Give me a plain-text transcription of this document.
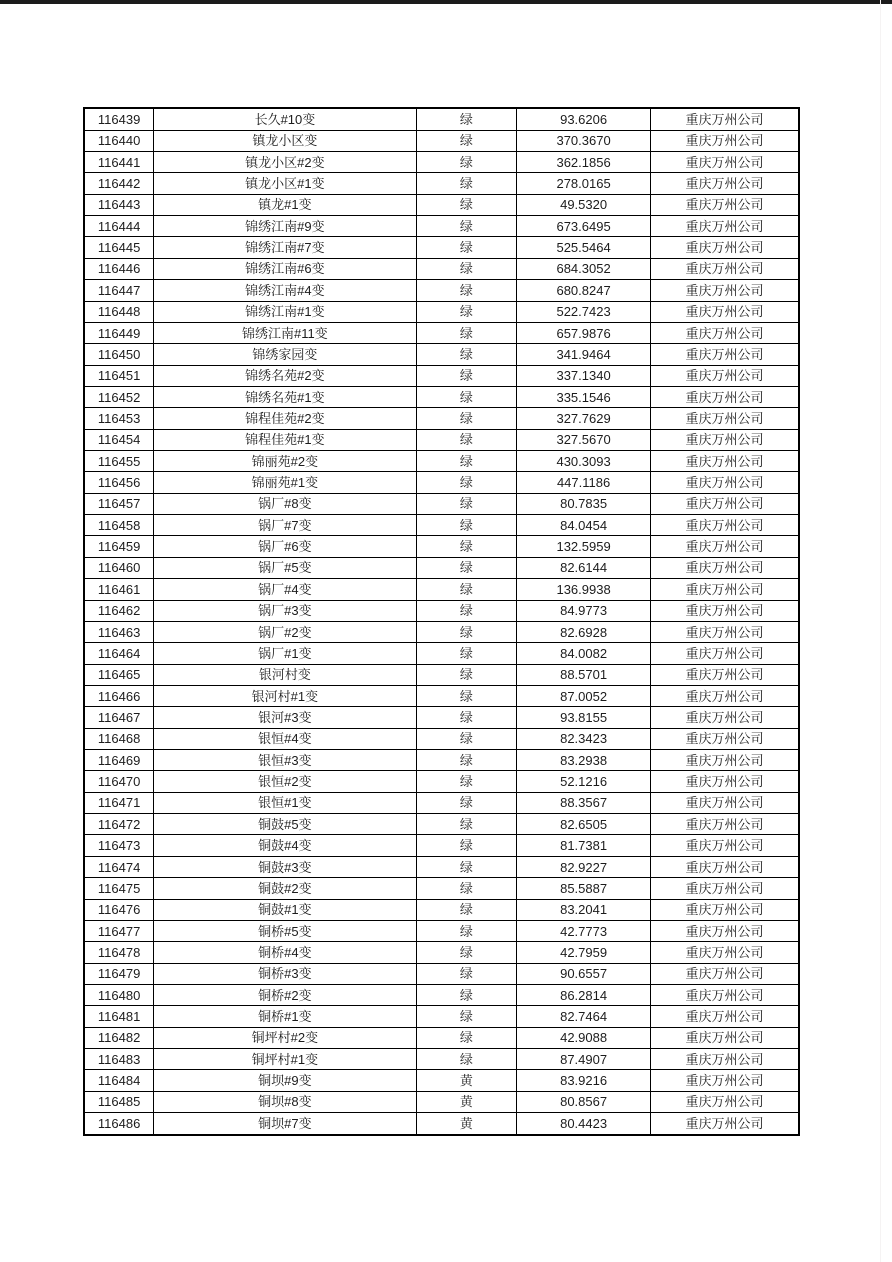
116439	长久#10变	绿	93.6206	重庆万州公司
116440	镇龙小区变	绿	370.3670	重庆万州公司
116441	镇龙小区#2变	绿	362.1856	重庆万州公司
116442	镇龙小区#1变	绿	278.0165	重庆万州公司
116443	镇龙#1变	绿	49.5320	重庆万州公司
116444	锦绣江南#9变	绿	673.6495	重庆万州公司
116445	锦绣江南#7变	绿	525.5464	重庆万州公司
116446	锦绣江南#6变	绿	684.3052	重庆万州公司
116447	锦绣江南#4变	绿	680.8247	重庆万州公司
116448	锦绣江南#1变	绿	522.7423	重庆万州公司
116449	锦绣江南#11变	绿	657.9876	重庆万州公司
116450	锦绣家园变	绿	341.9464	重庆万州公司
116451	锦绣名苑#2变	绿	337.1340	重庆万州公司
116452	锦绣名苑#1变	绿	335.1546	重庆万州公司
116453	锦程佳苑#2变	绿	327.7629	重庆万州公司
116454	锦程佳苑#1变	绿	327.5670	重庆万州公司
116455	锦丽苑#2变	绿	430.3093	重庆万州公司
116456	锦丽苑#1变	绿	447.1186	重庆万州公司
116457	锅厂#8变	绿	80.7835	重庆万州公司
116458	锅厂#7变	绿	84.0454	重庆万州公司
116459	锅厂#6变	绿	132.5959	重庆万州公司
116460	锅厂#5变	绿	82.6144	重庆万州公司
116461	锅厂#4变	绿	136.9938	重庆万州公司
116462	锅厂#3变	绿	84.9773	重庆万州公司
116463	锅厂#2变	绿	82.6928	重庆万州公司
116464	锅厂#1变	绿	84.0082	重庆万州公司
116465	银河村变	绿	88.5701	重庆万州公司
116466	银河村#1变	绿	87.0052	重庆万州公司
116467	银河#3变	绿	93.8155	重庆万州公司
116468	银恒#4变	绿	82.3423	重庆万州公司
116469	银恒#3变	绿	83.2938	重庆万州公司
116470	银恒#2变	绿	52.1216	重庆万州公司
116471	银恒#1变	绿	88.3567	重庆万州公司
116472	铜鼓#5变	绿	82.6505	重庆万州公司
116473	铜鼓#4变	绿	81.7381	重庆万州公司
116474	铜鼓#3变	绿	82.9227	重庆万州公司
116475	铜鼓#2变	绿	85.5887	重庆万州公司
116476	铜鼓#1变	绿	83.2041	重庆万州公司
116477	铜桥#5变	绿	42.7773	重庆万州公司
116478	铜桥#4变	绿	42.7959	重庆万州公司
116479	铜桥#3变	绿	90.6557	重庆万州公司
116480	铜桥#2变	绿	86.2814	重庆万州公司
116481	铜桥#1变	绿	82.7464	重庆万州公司
116482	铜坪村#2变	绿	42.9088	重庆万州公司
116483	铜坪村#1变	绿	87.4907	重庆万州公司
116484	铜坝#9变	黄	83.9216	重庆万州公司
116485	铜坝#8变	黄	80.8567	重庆万州公司
116486	铜坝#7变	黄	80.4423	重庆万州公司
